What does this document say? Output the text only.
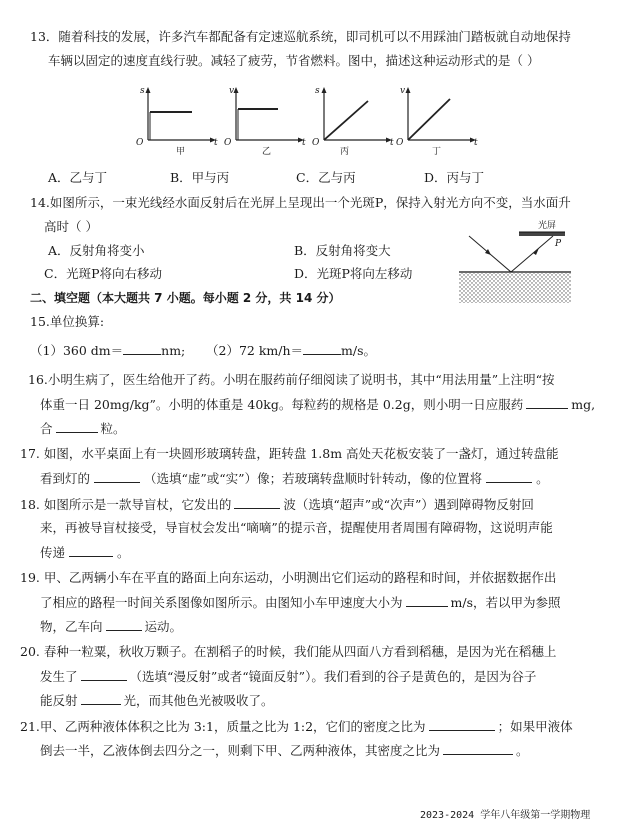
13．随着科技的发展，许多汽车都配备有定速巡航系统，即司机可以不用踩油门踏板就自动地保持
车辆以固定的速度直线行驶。减轻了疲劳，节省燃料。图中，描述这种运动形式的是（ ）
s
O	t
甲
v
O	t
乙
s
O	t
丙
v
O	t
丁
A．乙与丁	B．甲与丙	C．乙与丙	D．丙与丁
14.如图所示，一束光线经水面反射后在光屏上呈现出一个光斑P，保持入射光方向不变，当水面升
高时（ ）
A．反射角将变小	B．反射角将变大
C．光斑P将向右移动	D．光斑P将向左移动
光屏
P
二、填空题（本大题共 7 小题。每小题 2 分，共 14 分）
15.单位换算:
（1）360 dm＝	nm; （2）72 km/h＝	m/s。
16.小明生病了，医生给他开了药。小明在服药前仔细阅读了说明书，其中“用法用量”上注明“按
体重一日 20mg/kg”。小明的体重是 40kg。每粒药的规格是 0.2g，则小明一日应服药	mg,
合	粒。
17. 如图，水平桌面上有一块圆形玻璃转盘，距转盘 1.8m 高处天花板安装了一盏灯，通过转盘能
看到灯的	（选填“虚”或“实”）像；若玻璃转盘顺时针转动，像的位置将	。
18. 如图所示是一款导盲杖，它发出的	波（选填“超声”或“次声”）遇到障碍物反射回
来，再被导盲杖接受，导盲杖会发出“嘀嘀”的提示音，提醒使用者周围有障碍物，这说明声能
传递	。
19. 甲、乙两辆小车在平直的路面上向东运动，小明测出它们运动的路程和时间，并依据数据作出
了相应的路程一时间关系图像如图所示。由图知小车甲速度大小为	m/s，若以甲为参照
物，乙车向	运动。
20. 春种一粒粟，秋收万颗子。在割稻子的时候，我们能从四面八方看到稻穗，是因为光在稻穗上
发生了	（选填“漫反射”或者“镜面反射”）。我们看到的谷子是黄色的，是因为谷子
能反射	光，而其他色光被吸收了。
21.甲、乙两种液体体积之比为 3:1，质量之比为 1:2，它们的密度之比为	；如果甲液体
倒去一半，乙液体倒去四分之一，则剩下甲、乙两种液体，其密度之比为	。
2023-2024 学年八年级第一学期物理
